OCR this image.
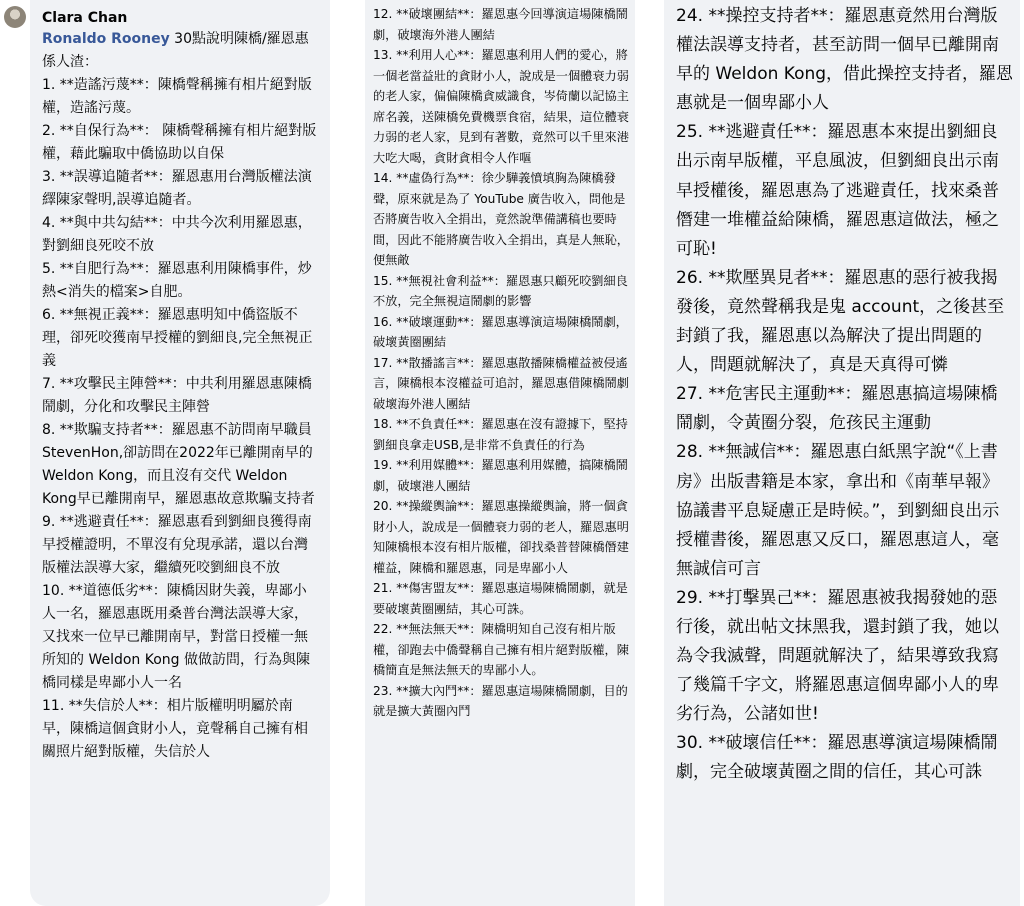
Clara Chan
Ronaldo Rooney 30點說明陳橋/羅恩惠係人渣：
1. **造謠污蔑**：陳橋聲稱擁有相片絕對版權，造謠污蔑。
2. **自保行為**： 陳橋聲稱擁有相片絕對版權，藉此騙取中僑協助以自保
3. **誤導追隨者**：羅恩惠用台灣版權法演繹陳家聲明,誤導追隨者。
4. **與中共勾結**：中共今次利用羅恩惠，對劉細良死咬不放
5. **自肥行為**：羅恩惠利用陳橋事件，炒熱<消失的檔案>自肥。
6. **無視正義**：羅恩惠明知中僑盜版不理，卻死咬獲南早授權的劉細良,完全無視正義
7. **攻擊民主陣營**：中共利用羅恩惠陳橋鬧劇，分化和攻擊民主陣營
8. **欺騙支持者**：羅恩惠不訪問南早職員StevenHon,卻訪問在2022年已離開南早的Weldon Kong，而且沒有交代 Weldon Kong早已離開南早，羅恩惠故意欺騙支持者
9. **逃避責任**：羅恩惠看到劉細良獲得南早授權證明，不單沒有兌現承諾，還以台灣版權法誤導大家，繼續死咬劉細良不放
10. **道德低劣**：陳橋因財失義，卑鄙小人一名，羅恩惠既用桑普台灣法誤導大家，又找來一位早已離開南早，對當日授權一無所知的 Weldon Kong 做做訪問，行為與陳橋同樣是卑鄙小人一名
11. **失信於人**：相片版權明明屬於南早，陳橋這個貪財小人，竟聲稱自己擁有相關照片絕對版權，失信於人
12. **破壞團結**：羅恩惠今回導演這場陳橋鬧劇，破壞海外港人團結
13. **利用人心**：羅恩惠利用人們的愛心，將一個老當益壯的貪財小人，說成是一個體衰力弱的老人家，偏偏陳橋貪威識食，岑倚蘭以記協主席名義，送陳橋免費機票食宿，結果，這位體衰力弱的老人家，見到有著數，竟然可以千里來港大吃大喝，貪財貪相令人作嘔
14. **虛偽行為**：徐少驊義憤填胸為陳橋發聲，原來就是為了 YouTube 廣告收入，問他是否將廣告收入全捐出，竟然說準備講稿也要時間，因此不能將廣告收入全捐出，真是人無恥，便無敵
15. **無視社會利益**：羅恩惠只顧死咬劉細良不放，完全無視這鬧劇的影響
16. **破壞運動**：羅恩惠導演這場陳橋鬧劇，破壞黃圈團結
17. **散播謠言**：羅恩惠散播陳橋權益被侵遙言，陳橋根本沒權益可追討，羅恩惠借陳橋鬧劇破壞海外港人團結
18. **不負責任**：羅恩惠在沒有證據下，堅持劉細良拿走USB,是非常不負責任的行為
19. **利用媒體**：羅恩惠利用媒體，搞陳橋鬧劇，破壞港人團結
20. **操縱輿論**：羅恩惠操縱輿論，將一個貪財小人，說成是一個體衰力弱的老人，羅恩惠明知陳橋根本沒有相片版權，卻找桑普替陳橋僭建權益，陳橋和羅恩惠，同是卑鄙小人
21. **傷害盟友**：羅恩惠這場陳橋鬧劇，就是要破壞黃圈團結，其心可誅。
22. **無法無天**：陳橋明知自己沒有相片版權，卻跑去中僑聲稱自己擁有相片絕對版權，陳橋簡直是無法無天的卑鄙小人。
23. **擴大內鬥**：羅恩惠這場陳橋鬧劇，目的就是擴大黃圈內鬥
24. **操控支持者**：羅恩惠竟然用台灣版權法誤導支持者，甚至訪問一個早已離開南早的 Weldon Kong，借此操控支持者，羅恩惠就是一個卑鄙小人
25. **逃避責任**：羅恩惠本來提出劉細良出示南早版權，平息風波，但劉細良出示南早授權後，羅恩惠為了逃避責任，找來桑普僭建一堆權益給陳橋，羅恩惠這做法，極之可恥!
26. **欺壓異見者**：羅恩惠的惡行被我揭發後，竟然聲稱我是鬼 account，之後甚至封鎖了我，羅恩惠以為解決了提出問題的人，問題就解決了，真是天真得可憐
27. **危害民主運動**：羅恩惠搞這場陳橋鬧劇，令黃圈分裂，危孩民主運動
28. **無誠信**：羅恩惠白紙黑字說“《上書房》出版書籍是本家，拿出和《南華早報》協議書平息疑慮正是時候。”，到劉細良出示授權書後，羅恩惠又反口，羅恩惠這人，毫無誠信可言
29. **打擊異己**：羅恩惠被我揭發她的惡行後，就出帖文抹黑我，還封鎖了我，她以為令我滅聲，問題就解決了，結果導致我寫了幾篇千字文，將羅恩惠這個卑鄙小人的卑劣行為，公諸如世!
30. **破壞信任**：羅恩惠導演這場陳橋鬧劇，完全破壞黃圈之間的信任，其心可誅
